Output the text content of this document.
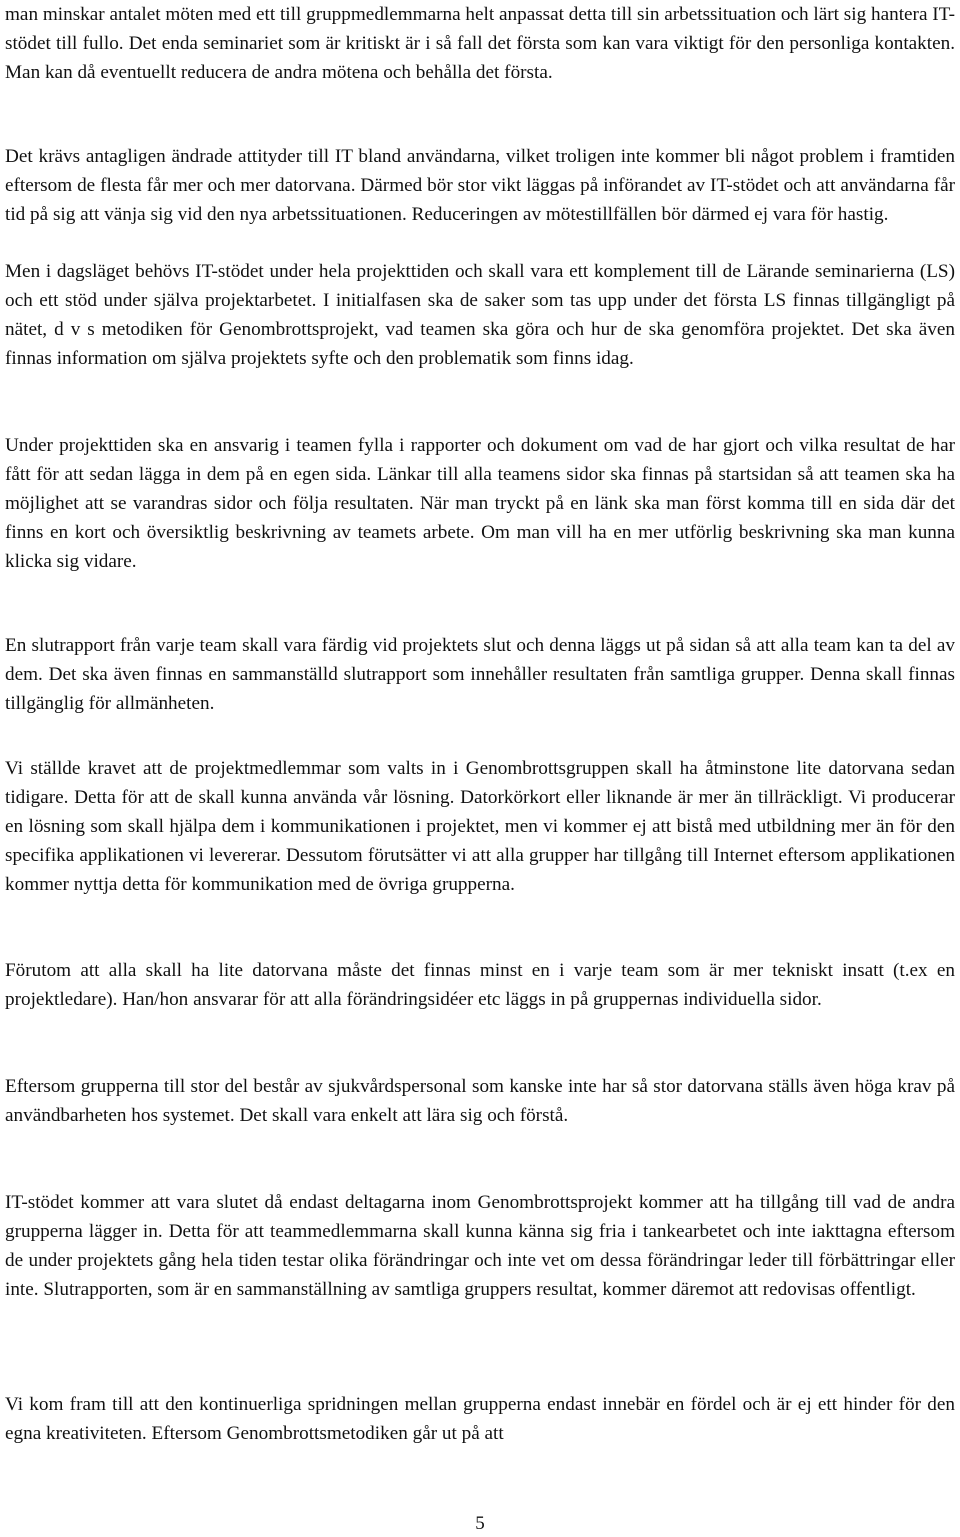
man minskar antalet möten med ett till gruppmedlemmarna helt anpassat detta till sin arbetssituation och lärt sig hantera IT-stödet till fullo. Det enda seminariet som är kritiskt är i så fall det första som kan vara viktigt för den personliga kontakten. Man kan då eventuellt reducera de andra mötena och behålla det första.

Det krävs antagligen ändrade attityder till IT bland användarna, vilket troligen inte kommer bli något problem i framtiden eftersom de flesta får mer och mer datorvana. Därmed bör stor vikt läggas på införandet av IT-stödet och att användarna får tid på sig att vänja sig vid den nya arbetssituationen. Reduceringen av mötestillfällen bör därmed ej vara för hastig.

Men i dagsläget behövs IT-stödet under hela projekttiden och skall vara ett komplement till de Lärande seminarierna (LS) och ett stöd under själva projektarbetet. I initialfasen ska de saker som tas upp under det första LS finnas tillgängligt på nätet, d v s metodiken för Genombrottsprojekt, vad teamen ska göra och hur de ska genomföra projektet. Det ska även finnas information om själva projektets syfte och den problematik som finns idag.

Under projekttiden ska en ansvarig i teamen fylla i rapporter och dokument om vad de har gjort och vilka resultat de har fått för att sedan lägga in dem på en egen sida. Länkar till alla teamens sidor ska finnas på startsidan så att teamen ska ha möjlighet att se varandras sidor och följa resultaten. När man tryckt på en länk ska man först komma till en sida där det finns en kort och översiktlig beskrivning av teamets arbete. Om man vill ha en mer utförlig beskrivning ska man kunna klicka sig vidare.

En slutrapport från varje team skall vara färdig vid projektets slut och denna läggs ut på sidan så att alla team kan ta del av dem. Det ska även finnas en sammanställd slutrapport som innehåller resultaten från samtliga grupper. Denna skall finnas tillgänglig för allmänheten.

Vi ställde kravet att de projektmedlemmar som valts in i Genombrottsgruppen skall ha åtminstone lite datorvana sedan tidigare. Detta för att de skall kunna använda vår lösning. Datorkörkort eller liknande är mer än tillräckligt. Vi producerar en lösning som skall hjälpa dem i kommunikationen i projektet, men vi kommer ej att bistå med utbildning mer än för den specifika applikationen vi levererar. Dessutom förutsätter vi att alla grupper har tillgång till Internet eftersom applikationen kommer nyttja detta för kommunikation med de övriga grupperna.

Förutom att alla skall ha lite datorvana måste det finnas minst en i varje team som är mer tekniskt insatt (t.ex en projektledare). Han/hon ansvarar för att alla förändringsidéer etc läggs in på gruppernas individuella sidor.

Eftersom grupperna till stor del består av sjukvårdspersonal som kanske inte har så stor datorvana ställs även höga krav på användbarheten hos systemet. Det skall vara enkelt att lära sig och förstå.

IT-stödet kommer att vara slutet då endast deltagarna inom Genombrottsprojekt kommer att ha tillgång till vad de andra grupperna lägger in. Detta för att teammedlemmarna skall kunna känna sig fria i tankearbetet och inte iakttagna eftersom de under projektets gång hela tiden testar olika förändringar och inte vet om dessa förändringar leder till förbättringar eller inte. Slutrapporten, som är en sammanställning av samtliga gruppers resultat, kommer däremot att redovisas offentligt.

Vi kom fram till att den kontinuerliga spridningen mellan grupperna endast innebär en fördel och är ej ett hinder för den egna kreativiteten. Eftersom Genombrottsmetodiken går ut på att

5
